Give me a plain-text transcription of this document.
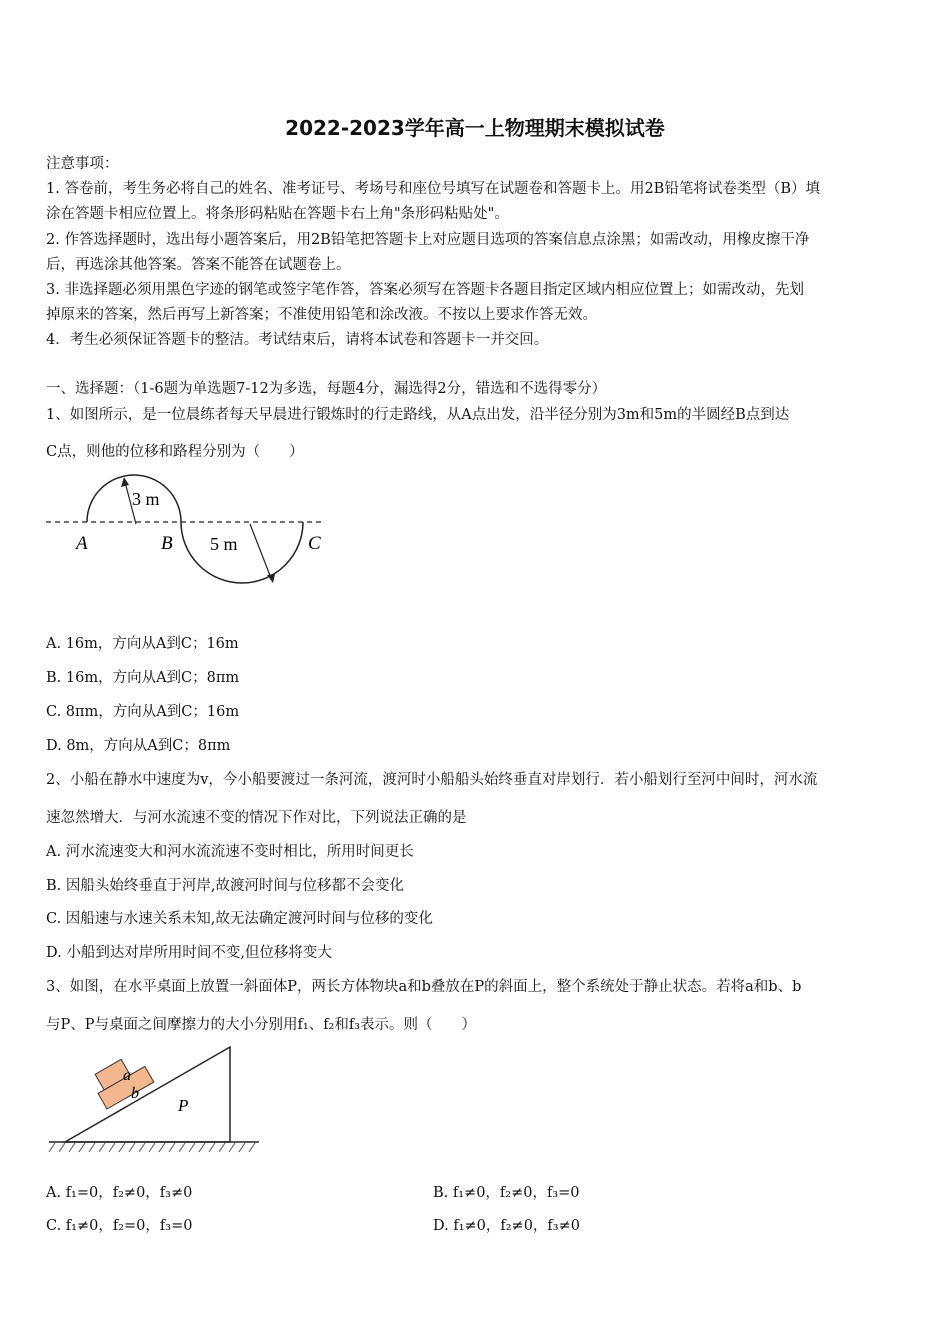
2022-2023学年高一上物理期末模拟试卷
注意事项：
1. 答卷前，考生务必将自己的姓名、准考证号、考场号和座位号填写在试题卷和答题卡上。用2B铅笔将试卷类型（B）填
涂在答题卡相应位置上。将条形码粘贴在答题卡右上角"条形码粘贴处"。
2. 作答选择题时，选出每小题答案后，用2B铅笔把答题卡上对应题目选项的答案信息点涂黑；如需改动，用橡皮擦干净
后，再选涂其他答案。答案不能答在试题卷上。
3. 非选择题必须用黑色字迹的钢笔或签字笔作答，答案必须写在答题卡各题目指定区域内相应位置上；如需改动，先划
掉原来的答案，然后再写上新答案；不准使用铅笔和涂改液。不按以上要求作答无效。
4．考生必须保证答题卡的整洁。考试结束后，请将本试卷和答题卡一并交回。
一、选择题：（1-6题为单选题7-12为多选，每题4分，漏选得2分，错选和不选得零分）
1、如图所示，是一位晨练者每天早晨进行锻炼时的行走路线，从A点出发，沿半径分别为3m和5m的半圆经B点到达
C点，则他的位移和路程分别为（　　）
3 m
5 m
A	B	C
A. 16m，方向从A到C；16m
B. 16m，方向从A到C；8πm
C. 8πm，方向从A到C；16m
D. 8m，方向从A到C；8πm
2、小船在静水中速度为v，今小船要渡过一条河流，渡河时小船船头始终垂直对岸划行．若小船划行至河中间时，河水流
速忽然增大．与河水流速不变的情况下作对比，下列说法正确的是
A. 河水流速变大和河水流流速不变时相比，所用时间更长
B. 因船头始终垂直于河岸,故渡河时间与位移都不会变化
C. 因船速与水速关系未知,故无法确定渡河时间与位移的变化
D. 小船到达对岸所用时间不变,但位移将变大
3、如图，在水平桌面上放置一斜面体P，两长方体物块a和b叠放在P的斜面上，整个系统处于静止状态。若将a和b、b
与P、P与桌面之间摩擦力的大小分别用f₁、f₂和f₃表示。则（　　）
a
b
P
A. f₁=0，f₂≠0，f₃≠0	B. f₁≠0，f₂≠0，f₃=0
C. f₁≠0，f₂=0，f₃=0	D. f₁≠0，f₂≠0，f₃≠0
